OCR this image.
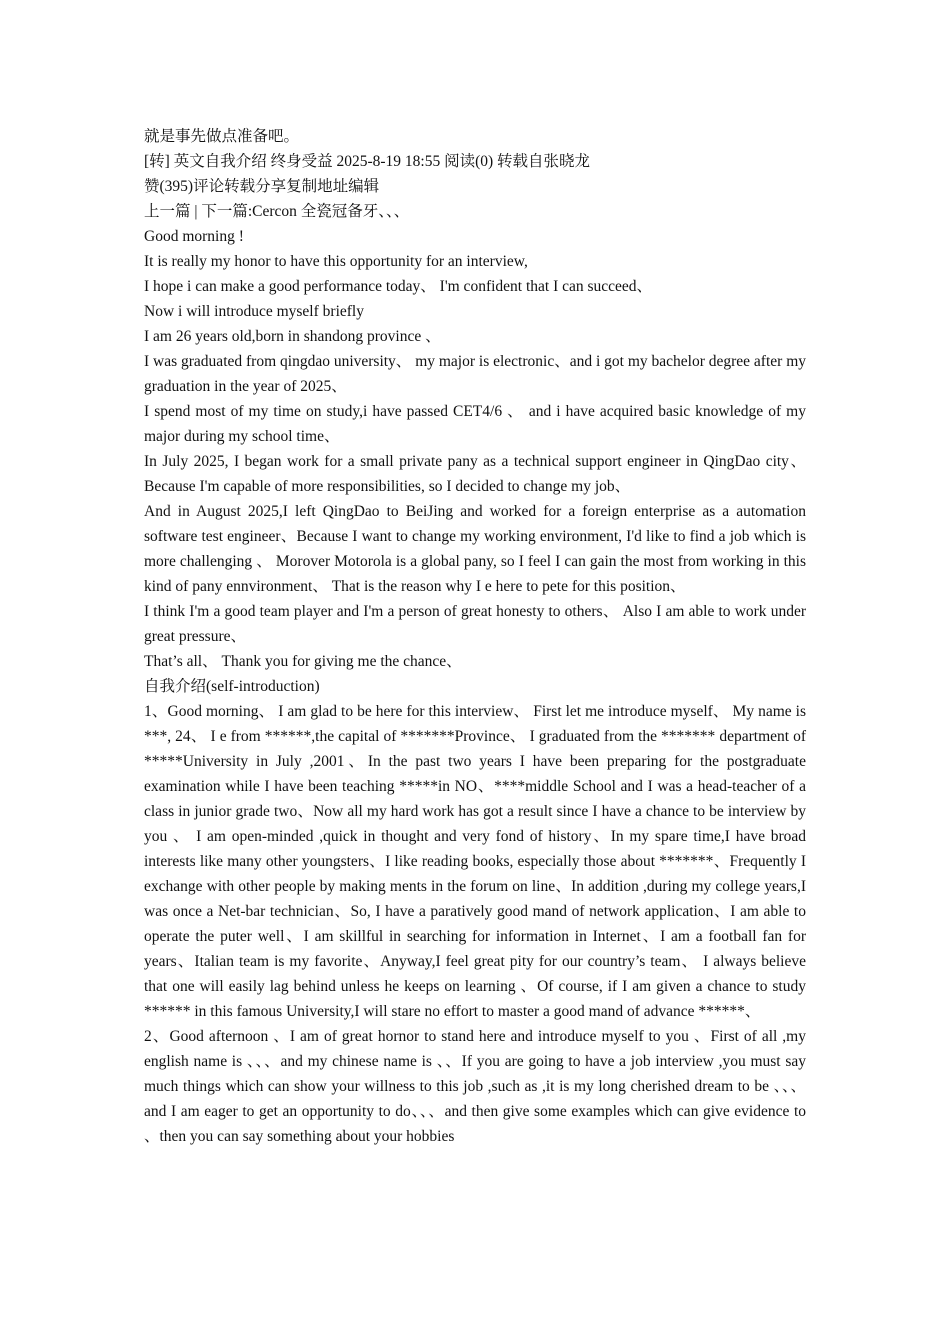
就是事先做点准备吧。

[转] 英文自我介绍 终身受益 2025-8-19 18:55 阅读(0) 转载自张晓龙

赞(395)评论转载分享复制地址编辑

上一篇 | 下一篇:Cercon 全瓷冠备牙、、、

Good morning !

It is really my honor to have this opportunity for an interview,

I hope i can make a good performance today、 I'm confident that I can succeed、

Now i will introduce myself briefly

I am 26 years old,born in shandong province 、

I was graduated from qingdao university、 my major is electronic、and i got my bachelor degree after my graduation in the year of 2025、

I spend most of my time on study,i have passed CET4/6 、 and i have acquired basic knowledge of my major during my school time、

In July 2025, I began work for a small private pany as a technical support engineer in QingDao city、Because I'm capable of more responsibilities, so I decided to change my job、

And in August 2025,I left QingDao to BeiJing and worked for a foreign enterprise as a automation software test engineer、Because I want to change my working environment, I'd like to find a job which is more challenging 、 Morover Motorola is a global pany, so I feel I can gain the most from working in this kind of pany ennvironment、 That is the reason why I e here to pete for this position、

I think I'm a good team player and I'm a person of great honesty to others、 Also I am able to work under great pressure、

That’s all、 Thank you for giving me the chance、

自我介绍(self-introduction)

1、Good morning、 I am glad to be here for this interview、 First let me introduce myself、 My name is ***, 24、 I e from ******,the capital of *******Province、 I graduated from the ******* department of *****University in July ,2001、In the past two years I have been preparing for the postgraduate examination while I have been teaching *****in NO、****middle School and I was a head-teacher of a class in junior grade two、Now all my hard work has got a result since I have a chance to be interview by you 、 I am open-minded ,quick in thought and very fond of history、In my spare time,I have broad interests like many other youngsters、I like reading books, especially those about *******、Frequently I exchange with other people by making ments in the forum on line、In addition ,during my college years,I was once a Net-bar technician、So, I have a paratively good mand of network application、I am able to operate the puter well、I am skillful in searching for information in Internet、I am a football fan for years、Italian team is my favorite、Anyway,I feel great pity for our country’s team、 I always believe that one will easily lag behind unless he keeps on learning 、Of course, if I am given a chance to study ****** in this famous University,I will stare no effort to master a good mand of advance ******、

2、Good afternoon 、I am of great hornor to stand here and introduce myself to you 、First of all ,my english name is 、、、and my chinese name is 、、If you are going to have a job interview ,you must say much things which can show your willness to this job ,such as ,it is my long cherished dream to be 、、、and I am eager to get an opportunity to do、、、and then give some examples which can give evidence to 、then you can say something about your hobbies
